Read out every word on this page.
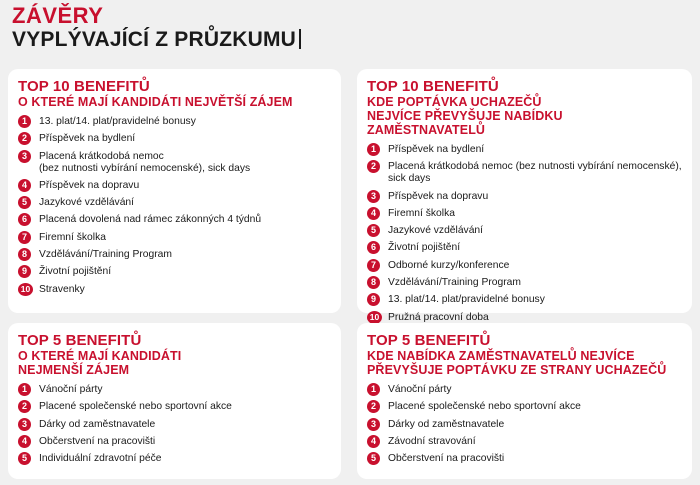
ZÁVĚRY
VYPLÝVAJÍCÍ Z PRŮZKUMU
TOP 10 BENEFITŮ
O KTERÉ MAJÍ KANDIDÁTI NEJVĚTŠÍ ZÁJEM
1	13. plat/14. plat/pravidelné bonusy
2	Příspěvek na bydlení
3	Placená krátkodobá nemoc
(bez nutnosti vybírání nemocenské), sick days
4	Příspěvek na dopravu
5	Jazykové vzdělávání
6	Placená dovolená nad rámec zákonných 4 týdnů
7	Firemní školka
8	Vzdělávání/Training Program
9	Životní pojištění
10 Stravenky
TOP 10 BENEFITŮ
KDE POPTÁVKA UCHAZEČŮ
NEJVÍCE PŘEVYŠUJE NABÍDKU ZAMĚSTNAVATELŮ
1	Příspěvek na bydlení
2	Placená krátkodobá nemoc (bez nutnosti vybírání nemocenské), sick days
3	Příspěvek na dopravu
4	Firemní školka
5	Jazykové vzdělávání
6	Životní pojištění
7	Odborné kurzy/konference
8	Vzdělávání/Training Program
9	13. plat/14. plat/pravidelné bonusy
10 Pružná pracovní doba
TOP 5 BENEFITŮ
O KTERÉ MAJÍ KANDIDÁTI
NEJMENŠÍ ZÁJEM
1	Vánoční párty
2	Placené společenské nebo sportovní akce
3	Dárky od zaměstnavatele
4	Občerstvení na pracovišti
5	Individuální zdravotní péče
TOP 5 BENEFITŮ
KDE NABÍDKA ZAMĚSTNAVATELŮ NEJVÍCE
PŘEVYŠUJE POPTÁVKU ZE STRANY UCHAZEČŮ
1	Vánoční párty
2	Placené společenské nebo sportovní akce
3	Dárky od zaměstnavatele
4	Závodní stravování
5	Občerstvení na pracovišti
